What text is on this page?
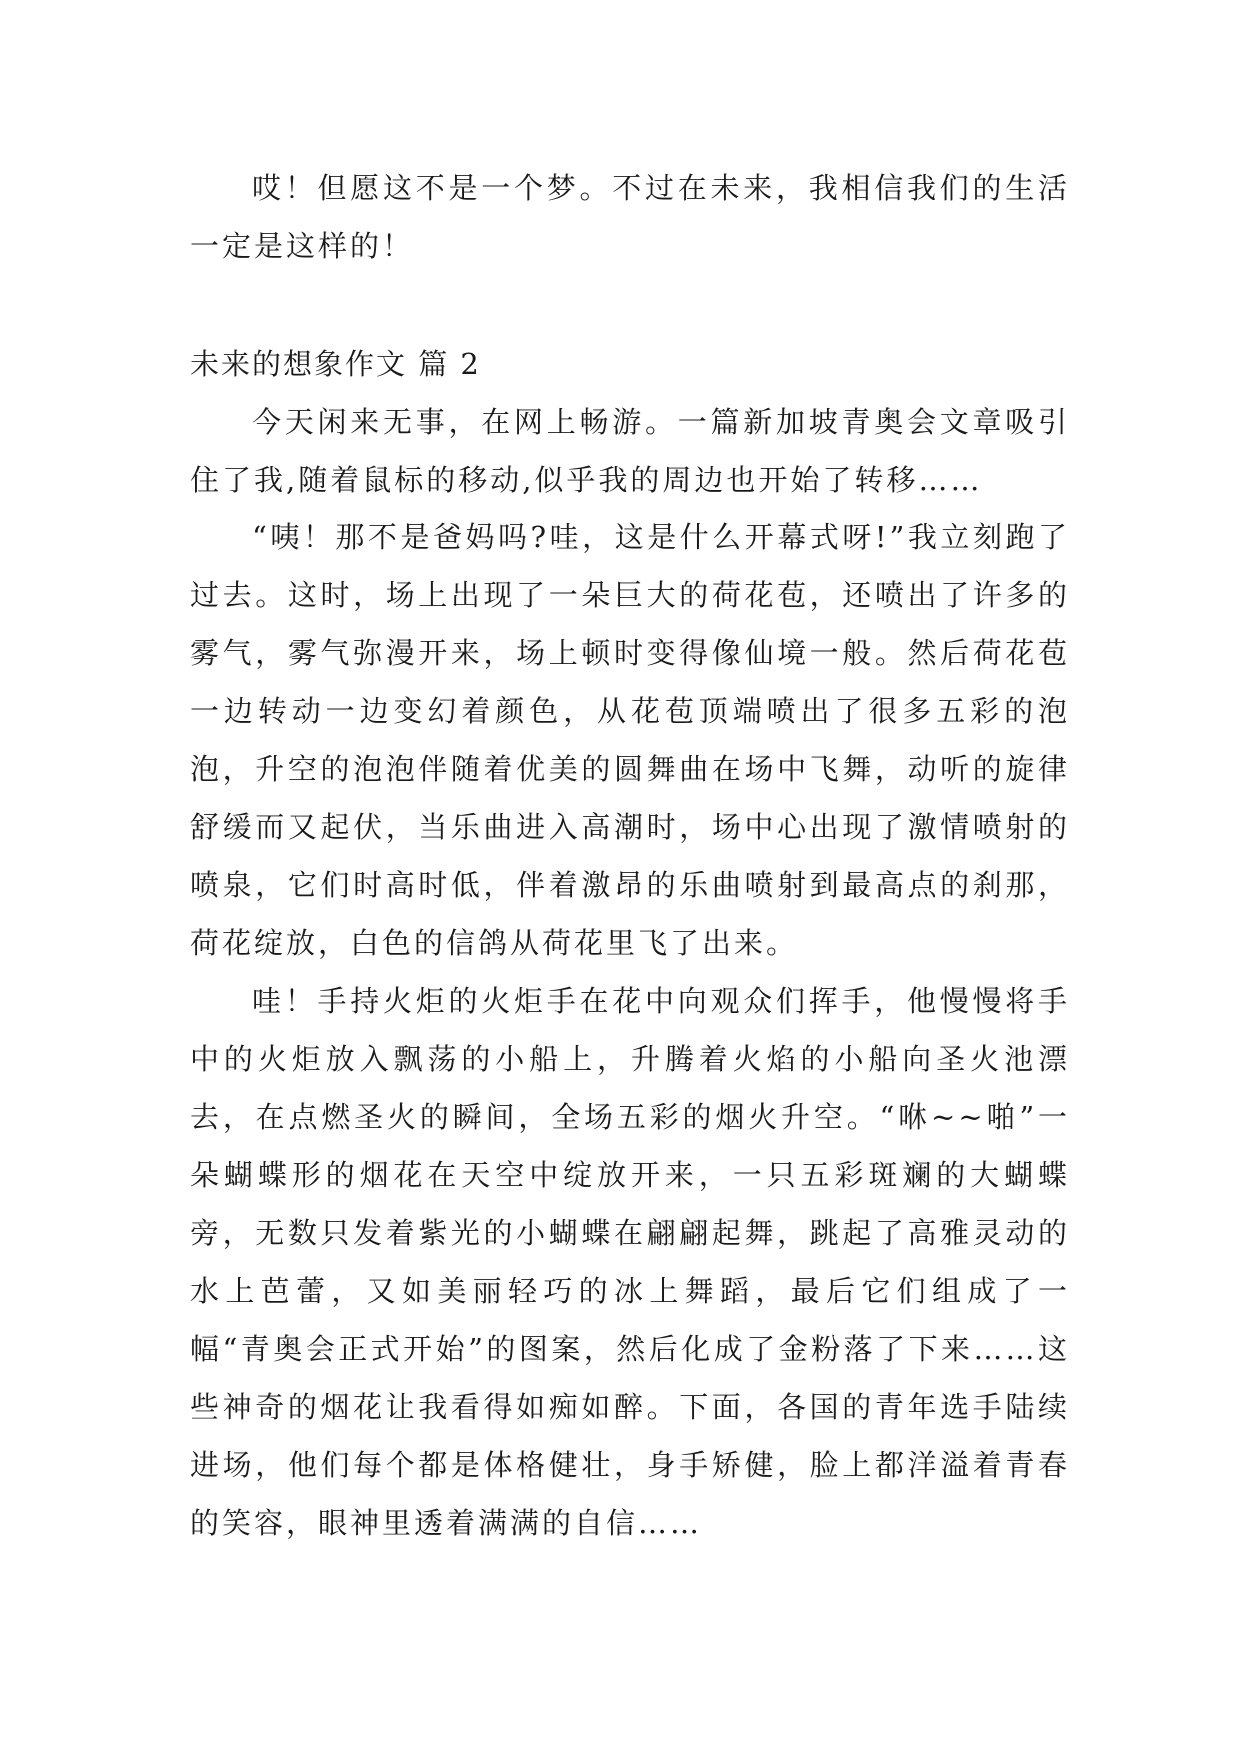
哎！但愿这不是一个梦。不过在未来，我相信我们的生活一定是这样的！

未来的想象作文 篇 2

今天闲来无事，在网上畅游。一篇新加坡青奥会文章吸引住了我,随着鼠标的移动,似乎我的周边也开始了转移……

“咦！那不是爸妈吗?哇，这是什么开幕式呀!”我立刻跑了过去。这时，场上出现了一朵巨大的荷花苞，还喷出了许多的雾气，雾气弥漫开来，场上顿时变得像仙境一般。然后荷花苞一边转动一边变幻着颜色，从花苞顶端喷出了很多五彩的泡泡，升空的泡泡伴随着优美的圆舞曲在场中飞舞，动听的旋律舒缓而又起伏，当乐曲进入高潮时，场中心出现了激情喷射的喷泉，它们时高时低，伴着激昂的乐曲喷射到最高点的刹那，荷花绽放，白色的信鸽从荷花里飞了出来。

哇！手持火炬的火炬手在花中向观众们挥手，他慢慢将手中的火炬放入飘荡的小船上，升腾着火焰的小船向圣火池漂去，在点燃圣火的瞬间，全场五彩的烟火升空。“咻~~啪”一朵蝴蝶形的烟花在天空中绽放开来，一只五彩斑斓的大蝴蝶旁，无数只发着紫光的小蝴蝶在翩翩起舞，跳起了高雅灵动的水上芭蕾，又如美丽轻巧的冰上舞蹈，最后它们组成了一幅“青奥会正式开始”的图案，然后化成了金粉落了下来……这些神奇的烟花让我看得如痴如醉。下面，各国的青年选手陆续进场，他们每个都是体格健壮，身手矫健，脸上都洋溢着青春的笑容，眼神里透着满满的自信……
